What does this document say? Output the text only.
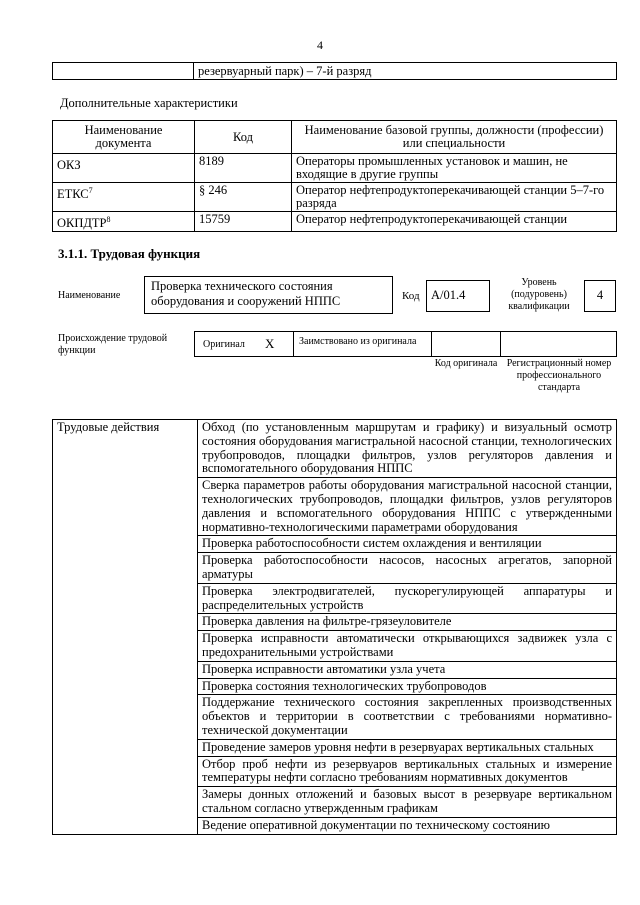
4
	резервуарный парк) – 7-й разряд
Дополнительные характеристики
Наименование документа	Код	Наименование базовой группы, должности (профессии) или специальности
ОКЗ	8189	Операторы промышленных установок и машин, не входящие в другие группы
ЕТКС$^7$	§ 246	Оператор нефтепродуктоперекачивающей станции 5–7-го разряда
ОКПДТР$^8$	15759	Оператор нефтепродуктоперекачивающей станции
3.1.1. Трудовая функция
Наименование
Проверка технического состояния оборудования и сооружений НППС	Код А/01.4
Уровень (подуровень) квалификации
4
Происхождение трудовой функции
Оригинал X	Заимствовано из оригинала
Код оригинала Регистрационный номер профессионального стандарта
Трудовые действия	Обход (по установленным маршрутам и графику) и визуальный осмотр состояния оборудования магистральной насосной станции, технологических трубопроводов, площадки фильтров, узлов регуляторов давления и вспомогательного оборудования НППС
Сверка параметров работы оборудования магистральной насосной станции, технологических трубопроводов, площадки фильтров, узлов регуляторов давления и вспомогательного оборудования НППС с утвержденными нормативно-технологическими параметрами оборудования
Проверка работоспособности систем охлаждения и вентиляции
Проверка работоспособности насосов, насосных агрегатов, запорной арматуры
Проверка электродвигателей, пускорегулирующей аппаратуры и распределительных устройств
Проверка давления на фильтре-грязеуловителе
Проверка исправности автоматически открывающихся задвижек узла с предохранительными устройствами
Проверка исправности автоматики узла учета
Проверка состояния технологических трубопроводов
Поддержание технического состояния закрепленных производственных объектов и территории в соответствии с требованиями нормативно-технической документации
Проведение замеров уровня нефти в резервуарах вертикальных стальных
Отбор проб нефти из резервуаров вертикальных стальных и измерение температуры нефти согласно требованиям нормативных документов
Замеры донных отложений и базовых высот в резервуаре вертикальном стальном согласно утвержденным графикам
Ведение оперативной документации по техническому состоянию
